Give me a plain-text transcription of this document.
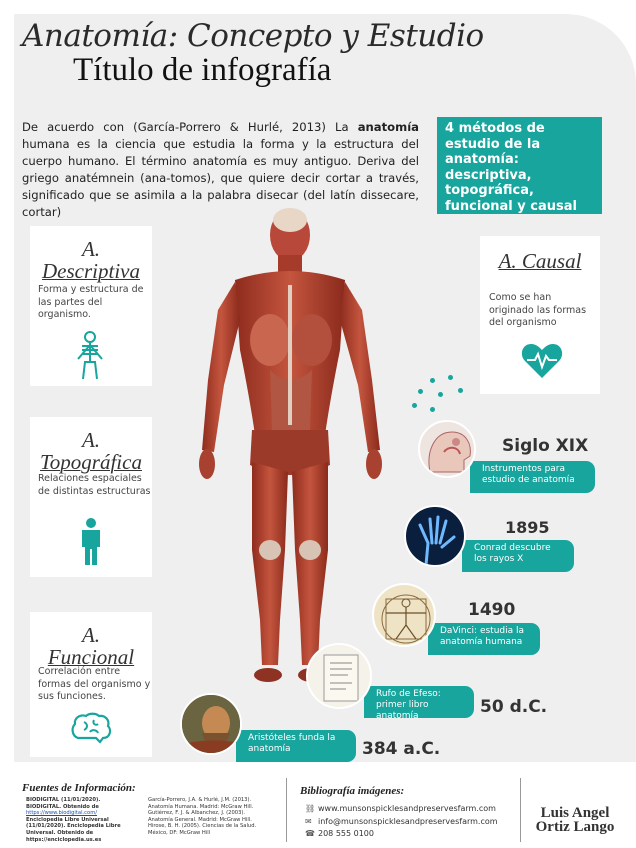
Anatomía: Concepto y Estudio
Título de infografía
De acuerdo con (García-Porrero & Hurlé, 2013) La anatomía humana es la ciencia que estudia la forma y la estructura del cuerpo humano. El término anatomía es muy antiguo. Deriva del griego anatémnein (ana-tomos), que quiere decir cortar a través, significado que se asimila a la palabra disecar (del latín dissecare, cortar)
4 métodos de estudio de la anatomía: descriptiva, topográfica, funcional y causal
A.
Descriptiva
Forma y estructura de las partes del organismo.
A.
Topográfica
Relaciones espaciales de distintas estructuras
A.
Funcional
Correlación entre formas del organismo y sus funciones.
A. Causal
Como se han originado las formas del organismo
Instrumentos para estudio de anatomía
Siglo XIX
Conrad descubre los rayos X
1895
DaVinci: estudia la anatomía humana
1490
Rufo de Efeso: primer libro anatomía	50 d.C.
Aristóteles funda la anatomía	384 a.C.
Fuentes de Información:
BIODIGITAL (11/01/2020). BIODIGITAL. Obtenido de
https://www.biodigital.com/
Enciclopedia Libre Universal (11/01/2020). Enciclopedia Libre Universal. Obtenido de
https://enciclopedia.us.es
García-Porrero, J.A. & Hurlé, J.M. (2013). Anatomía Humana. Madrid: McGraw Hill.
Gutiérrez, F. J. & Albanchez, J. (2003). Anatomía General. Madrid: McGraw Hill.
Hirose, B. H. (2005). Ciencias de la Salud. México, DF: McGraw Hill
Bibliografía imágenes:
⛓ www.munsonspicklesandpreservesfarm.com
✉ info@munsonspicklesandpreservesfarm.com
☎ 208 555 0100
Luis Angel
Ortiz Lango
